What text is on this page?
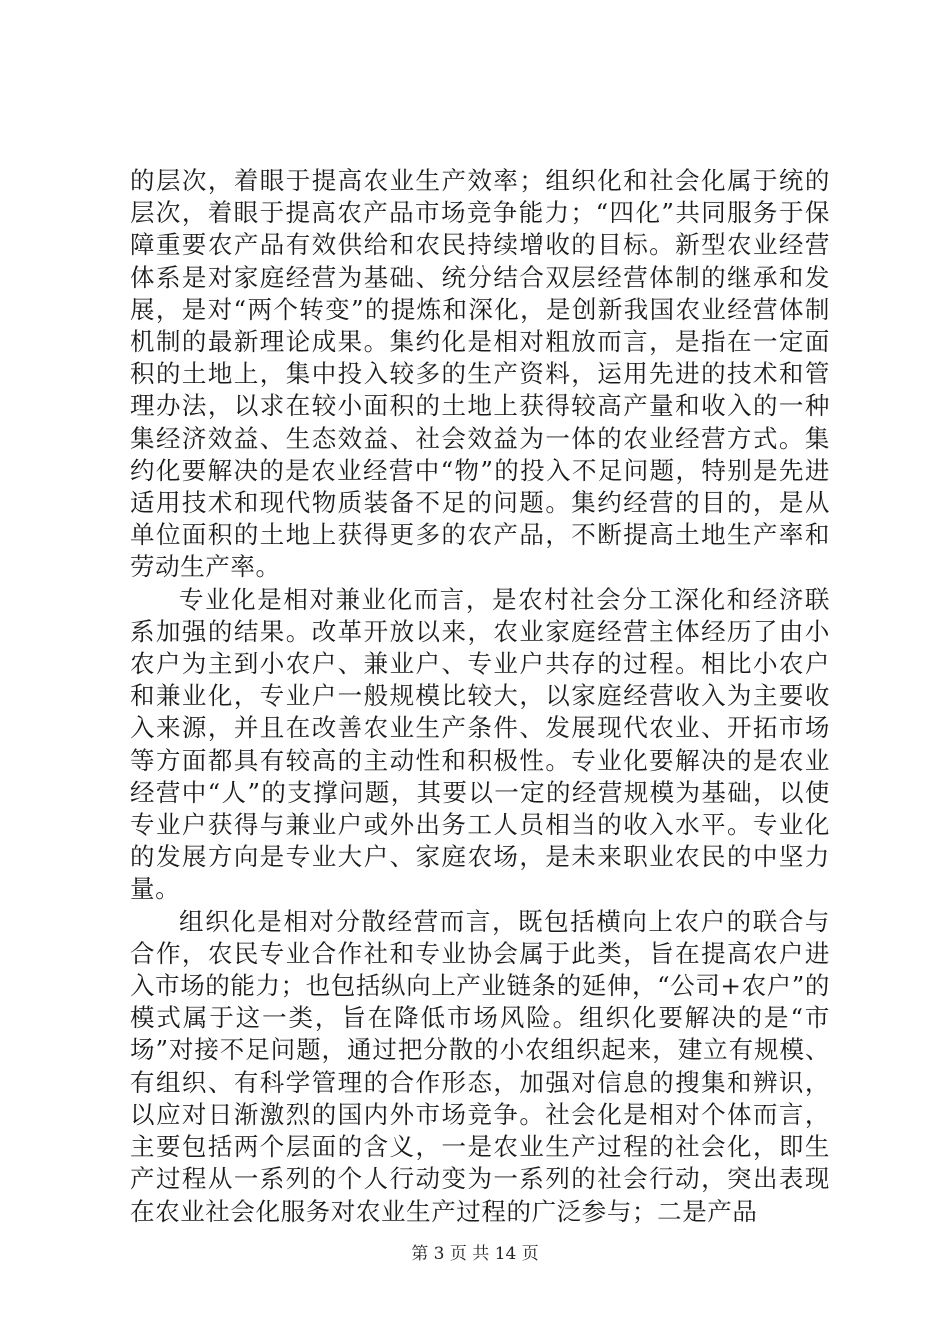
的层次，着眼于提高农业生产效率；组织化和社会化属于统的层次，着眼于提高农产品市场竞争能力；“四化”共同服务于保障重要农产品有效供给和农民持续增收的目标。新型农业经营体系是对家庭经营为基础、统分结合双层经营体制的继承和发展，是对“两个转变”的提炼和深化，是创新我国农业经营体制机制的最新理论成果。集约化是相对粗放而言，是指在一定面积的土地上，集中投入较多的生产资料，运用先进的技术和管理办法，以求在较小面积的土地上获得较高产量和收入的一种集经济效益、生态效益、社会效益为一体的农业经营方式。集约化要解决的是农业经营中“物”的投入不足问题，特别是先进适用技术和现代物质装备不足的问题。集约经营的目的，是从单位面积的土地上获得更多的农产品，不断提高土地生产率和劳动生产率。

专业化是相对兼业化而言，是农村社会分工深化和经济联系加强的结果。改革开放以来，农业家庭经营主体经历了由小农户为主到小农户、兼业户、专业户共存的过程。相比小农户和兼业化，专业户一般规模比较大，以家庭经营收入为主要收入来源，并且在改善农业生产条件、发展现代农业、开拓市场等方面都具有较高的主动性和积极性。专业化要解决的是农业经营中“人”的支撑问题，其要以一定的经营规模为基础，以使专业户获得与兼业户或外出务工人员相当的收入水平。专业化的发展方向是专业大户、家庭农场，是未来职业农民的中坚力量。

组织化是相对分散经营而言，既包括横向上农户的联合与合作，农民专业合作社和专业协会属于此类，旨在提高农户进入市场的能力；也包括纵向上产业链条的延伸，“公司+农户”的模式属于这一类，旨在降低市场风险。组织化要解决的是“市场”对接不足问题，通过把分散的小农组织起来，建立有规模、有组织、有科学管理的合作形态，加强对信息的搜集和辨识，以应对日渐激烈的国内外市场竞争。社会化是相对个体而言，主要包括两个层面的含义，一是农业生产过程的社会化，即生产过程从一系列的个人行动变为一系列的社会行动，突出表现在农业社会化服务对农业生产过程的广泛参与；二是产品

第 3 页 共 14 页
